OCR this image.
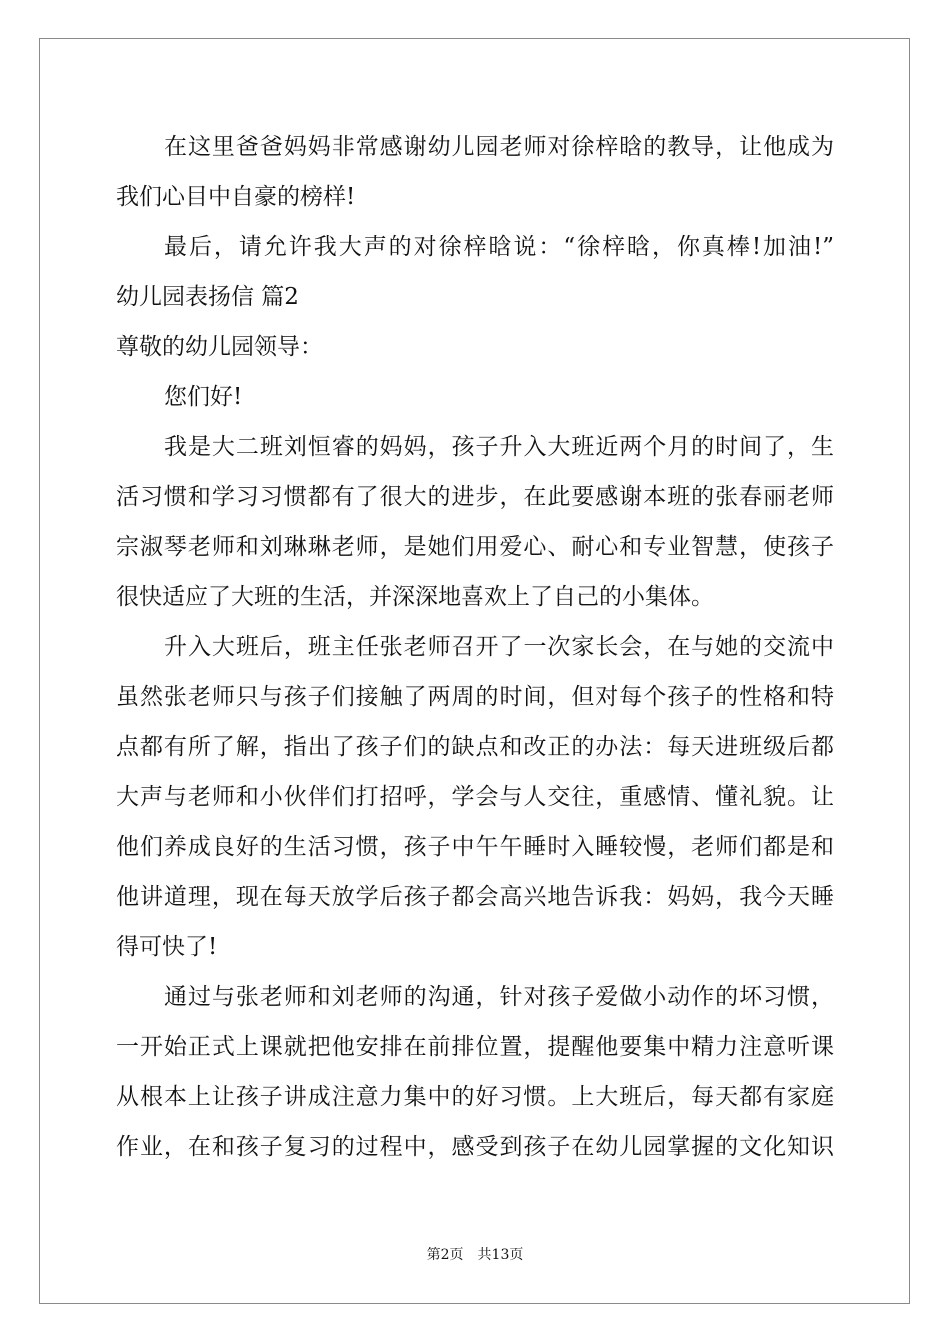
在这里爸爸妈妈非常感谢幼儿园老师对徐梓晗的教导，让他成为
我们心目中自豪的榜样!
最后，请允许我大声的对徐梓晗说：“徐梓晗，你真棒!加油!”
幼儿园表扬信 篇2
尊敬的幼儿园领导：
您们好!
我是大二班刘恒睿的妈妈，孩子升入大班近两个月的时间了，生
活习惯和学习习惯都有了很大的进步，在此要感谢本班的张春丽老师
宗淑琴老师和刘琳琳老师，是她们用爱心、耐心和专业智慧，使孩子
很快适应了大班的生活，并深深地喜欢上了自己的小集体。
升入大班后，班主任张老师召开了一次家长会，在与她的交流中
虽然张老师只与孩子们接触了两周的时间，但对每个孩子的性格和特
点都有所了解，指出了孩子们的缺点和改正的办法：每天进班级后都
大声与老师和小伙伴们打招呼，学会与人交往，重感情、懂礼貌。让
他们养成良好的生活习惯，孩子中午午睡时入睡较慢，老师们都是和
他讲道理，现在每天放学后孩子都会高兴地告诉我：妈妈，我今天睡
得可快了!
通过与张老师和刘老师的沟通，针对孩子爱做小动作的坏习惯，
一开始正式上课就把他安排在前排位置，提醒他要集中精力注意听课
从根本上让孩子讲成注意力集中的好习惯。上大班后，每天都有家庭
作业，在和孩子复习的过程中，感受到孩子在幼儿园掌握的文化知识
第2页 共13页
